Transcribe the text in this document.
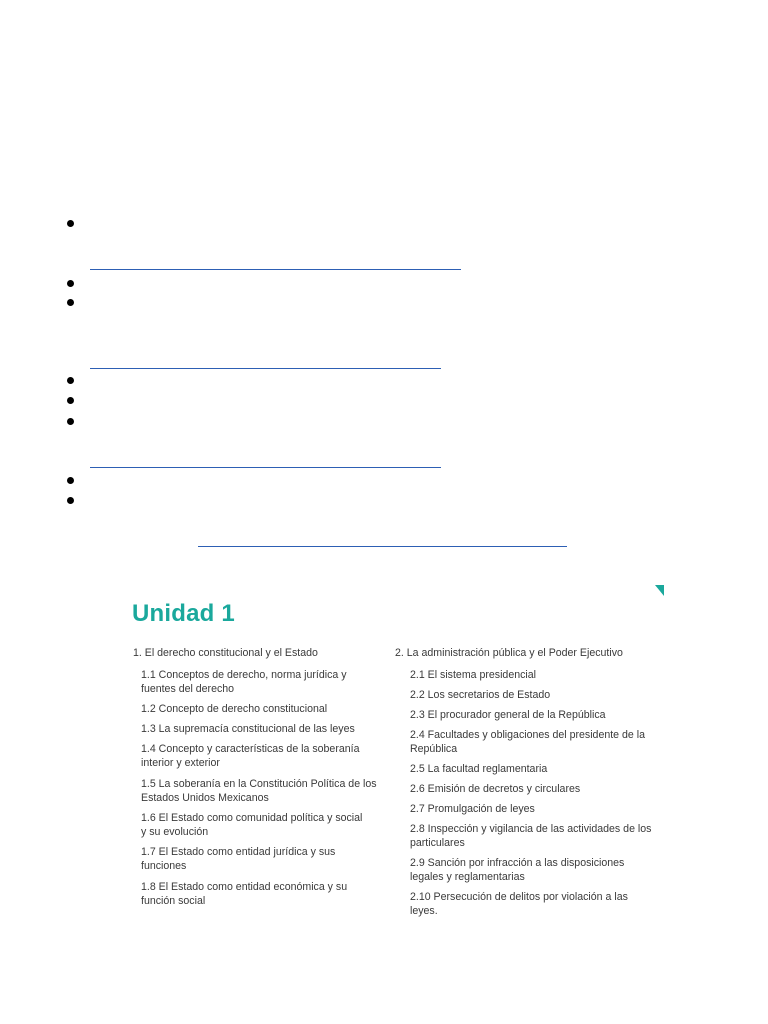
Unidad 1
1. El derecho constitucional y el Estado
1.1 Conceptos de derecho, norma jurídica y fuentes del derecho
1.2 Concepto de derecho constitucional
1.3 La supremacía constitucional de las leyes
1.4 Concepto y características de la soberanía interior y exterior
1.5 La soberanía en la Constitución Política de los Estados Unidos Mexicanos
1.6 El Estado como comunidad política y social y su evolución
1.7 El Estado como entidad jurídica y sus funciones
1.8 El Estado como entidad económica y su función social
2. La administración pública y el Poder Ejecutivo
2.1 El sistema presidencial
2.2 Los secretarios de Estado
2.3 El procurador general de la República
2.4 Facultades y obligaciones del presidente de la República
2.5 La facultad reglamentaria
2.6 Emisión de decretos y circulares
2.7 Promulgación de leyes
2.8 Inspección y vigilancia de las actividades de los particulares
2.9 Sanción por infracción a las disposiciones legales y reglamentarias
2.10 Persecución de delitos por violación a las leyes.
